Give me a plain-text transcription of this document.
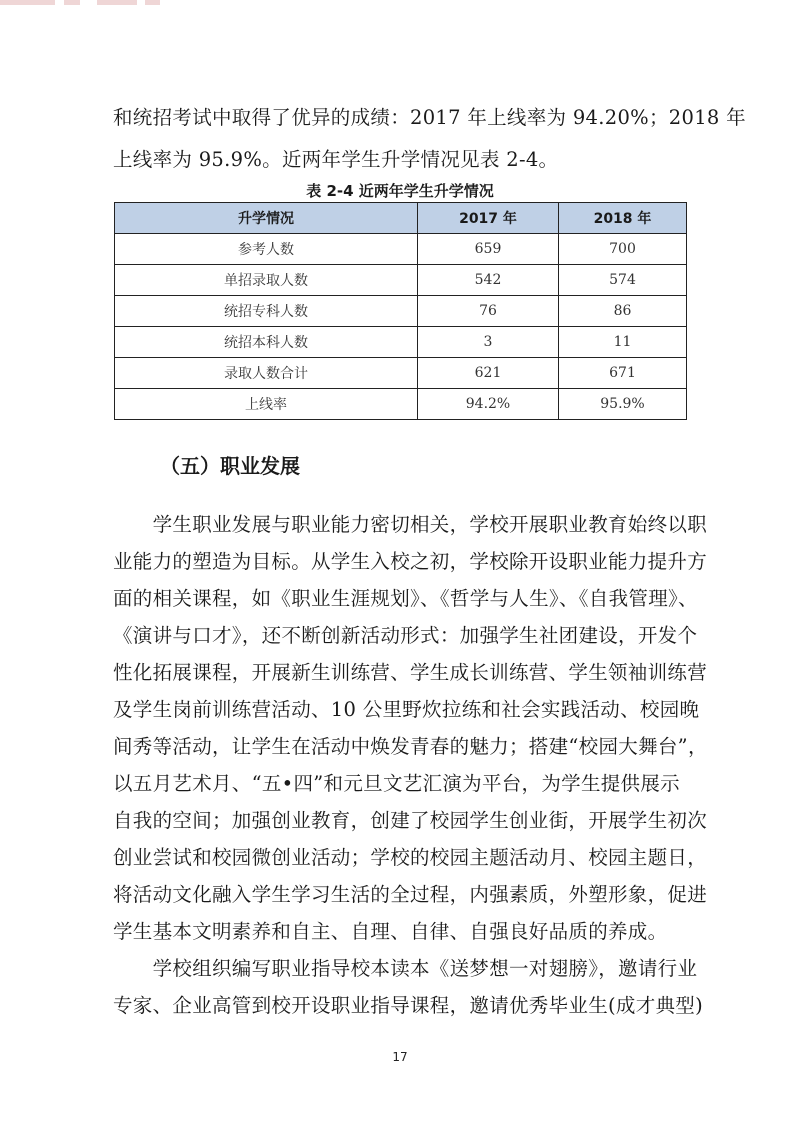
和统招考试中取得了优异的成绩：2017 年上线率为 94.20%；2018 年
上线率为 95.9%。近两年学生升学情况见表 2-4。
表 2-4 近两年学生升学情况
升学情况	2017 年	2018 年
参考人数	659	700
单招录取人数	542	574
统招专科人数	76	86
统招本科人数	3	11
录取人数合计	621	671
上线率	94.2%	95.9%
（五）职业发展
　　学生职业发展与职业能力密切相关，学校开展职业教育始终以职
业能力的塑造为目标。从学生入校之初，学校除开设职业能力提升方
面的相关课程，如《职业生涯规划》、《哲学与人生》、《自我管理》、
《演讲与口才》，还不断创新活动形式：加强学生社团建设，开发个
性化拓展课程，开展新生训练营、学生成长训练营、学生领袖训练营
及学生岗前训练营活动、10 公里野炊拉练和社会实践活动、校园晚
间秀等活动，让学生在活动中焕发青春的魅力；搭建“校园大舞台”，
以五月艺术月、“五•四”和元旦文艺汇演为平台，为学生提供展示
自我的空间；加强创业教育，创建了校园学生创业街，开展学生初次
创业尝试和校园微创业活动；学校的校园主题活动月、校园主题日，
将活动文化融入学生学习生活的全过程，内强素质，外塑形象，促进
学生基本文明素养和自主、自理、自律、自强良好品质的养成。
　　学校组织编写职业指导校本读本《送梦想一对翅膀》，邀请行业
专家、企业高管到校开设职业指导课程，邀请优秀毕业生(成才典型)
17
